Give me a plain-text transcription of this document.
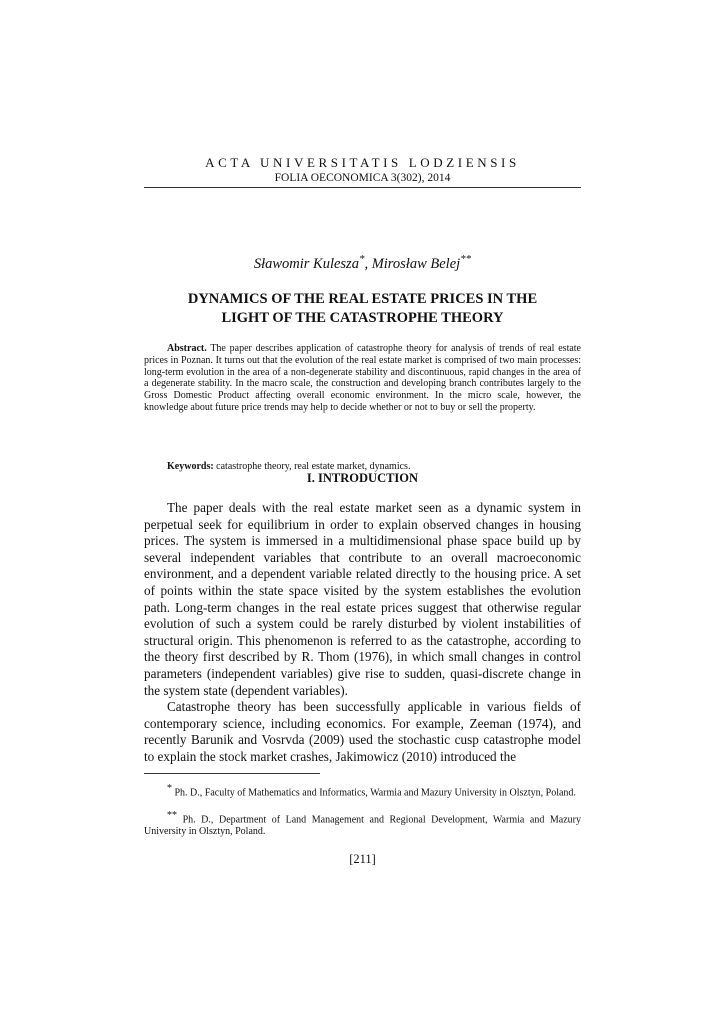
ACTA UNIVERSITATIS LODZIENSIS
FOLIA OECONOMICA 3(302), 2014
Sławomir Kulesza*, Mirosław Belej**
DYNAMICS OF THE REAL ESTATE PRICES IN THE
LIGHT OF THE CATASTROPHE THEORY
Abstract. The paper describes application of catastrophe theory for analysis of trends of real estate prices in Poznan. It turns out that the evolution of the real estate market is comprised of two main processes: long-term evolution in the area of a non-degenerate stability and discontinuous, rapid changes in the area of a degenerate stability. In the macro scale, the construction and developing branch contributes largely to the Gross Domestic Product affecting overall economic environment. In the micro scale, however, the knowledge about future price trends may help to decide whether or not to buy or sell the property.
Keywords: catastrophe theory, real estate market, dynamics.
I. INTRODUCTION

The paper deals with the real estate market seen as a dynamic system in perpetual seek for equilibrium in order to explain observed changes in housing prices. The system is immersed in a multidimensional phase space build up by several independent variables that contribute to an overall macroeconomic environment, and a dependent variable related directly to the housing price. A set of points within the state space visited by the system establishes the evolution path. Long-term changes in the real estate prices suggest that otherwise regular evolution of such a system could be rarely disturbed by violent instabilities of structural origin. This phenomenon is referred to as the catastrophe, according to the theory first described by R. Thom (1976), in which small changes in control parameters (independent variables) give rise to sudden, quasi-discrete change in the system state (dependent variables).

Catastrophe theory has been successfully applicable in various fields of contemporary science, including economics. For example, Zeeman (1974), and recently Barunik and Vosrvda (2009) used the stochastic cusp catastrophe model to explain the stock market crashes, Jakimowicz (2010) introduced the

* Ph. D., Faculty of Mathematics and Informatics, Warmia and Mazury University in Olsztyn, Poland.
** Ph. D., Department of Land Management and Regional Development, Warmia and Mazury University in Olsztyn, Poland.
[211]
